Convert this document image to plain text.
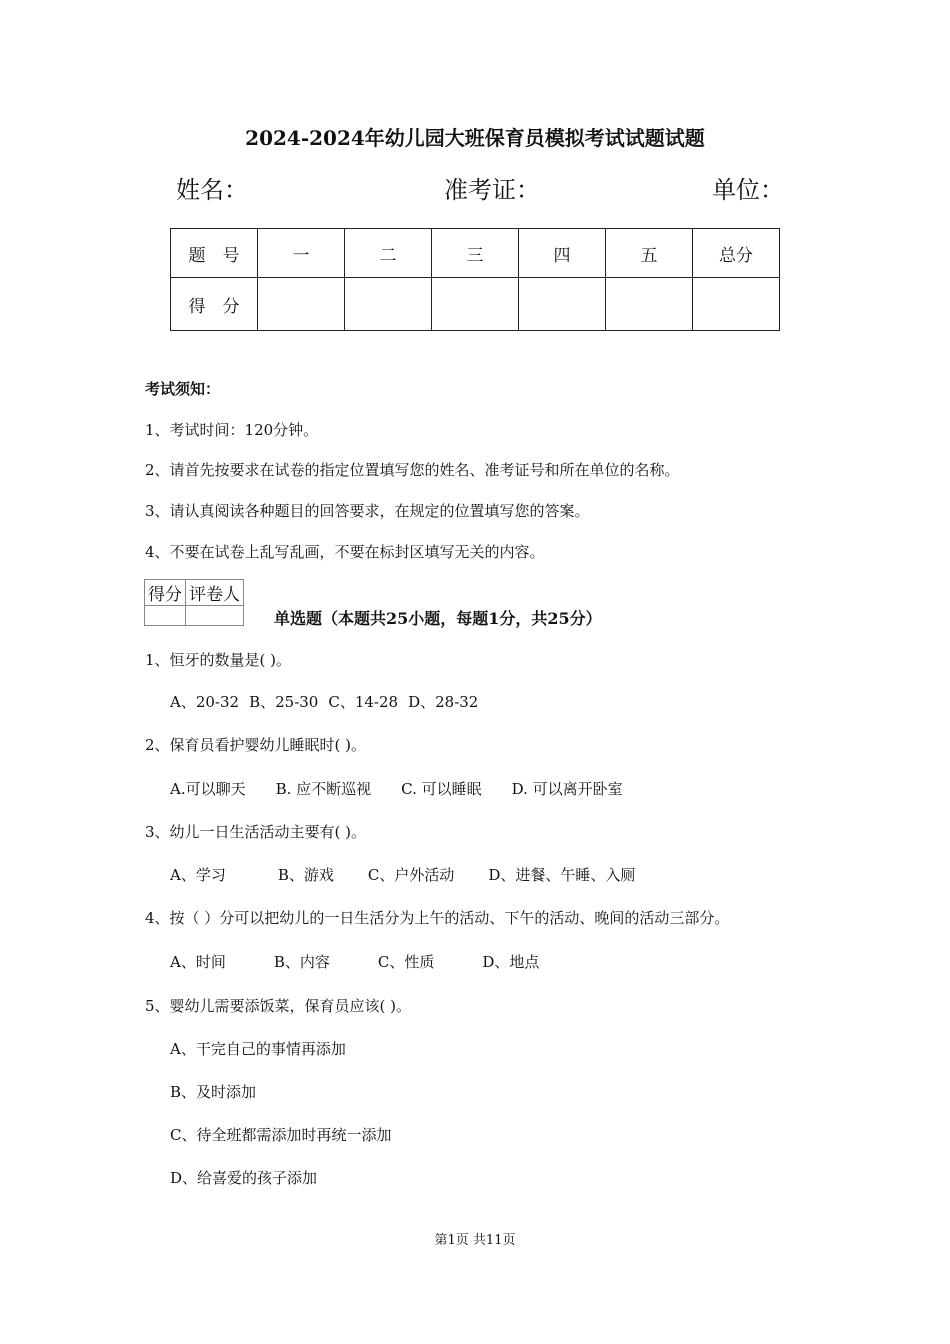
2024-2024年幼儿园大班保育员模拟考试试题试题
姓名：	准考证：	单位：
题　号	一	二	三	四	五	总分
得　分						
考试须知：
1、考试时间：120分钟。
2、请首先按要求在试卷的指定位置填写您的姓名、准考证号和所在单位的名称。
3、请认真阅读各种题目的回答要求，在规定的位置填写您的答案。
4、不要在试卷上乱写乱画，不要在标封区填写无关的内容。
得分	评卷人

单选题（本题共25小题，每题1分，共25分）
1、恒牙的数量是( )。
A、20-32 B、25-30 C、14-28 D、28-32
2、保育员看护婴幼儿睡眠时( )。
A.可以聊天 B. 应不断巡视 C. 可以睡眠 D. 可以离开卧室
3、幼儿一日生活活动主要有( )。
A、学习	B、游戏 C、户外活动 D、进餐、午睡、入厕
4、按（ ）分可以把幼儿的一日生活分为上午的活动、下午的活动、晚间的活动三部分。
A、时间	B、内容	C、性质	D、地点
5、婴幼儿需要添饭菜，保育员应该( )。
A、干完自己的事情再添加
B、及时添加
C、待全班都需添加时再统一添加
D、给喜爱的孩子添加
第1页 共11页
